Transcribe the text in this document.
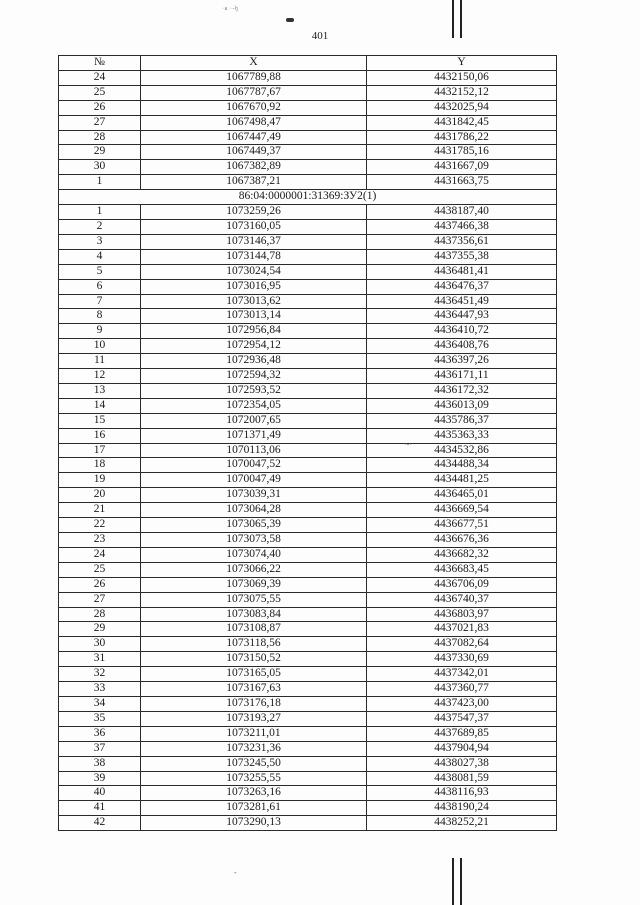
·ĸ ·-̃ŋ
401
№	X	Y
24	1067789,88	4432150,06
25	1067787,67	4432152,12
26	1067670,92	4432025,94
27	1067498,47	4431842,45
28	1067447,49	4431786,22
29	1067449,37	4431785,16
30	1067382,89	4431667,09
1	1067387,21	4431663,75
86:04:0000001:31369:ЗУ2(1)		
1	1073259,26	4438187,40
2	1073160,05	4437466,38
3	1073146,37	4437356,61
4	1073144,78	4437355,38
5	1073024,54	4436481,41
6	1073016,95	4436476,37
7	1073013,62	4436451,49
8	1073013,14	4436447,93
9	1072956,84	4436410,72
10	1072954,12	4436408,76
11	1072936,48	4436397,26
12	1072594,32	4436171,11
13	1072593,52	4436172,32
14	1072354,05	4436013,09
15	1072007,65	4435786,37
16	1071371,49	4435363,33
17	1070113,06	4434532,86
18	1070047,52	4434488,34
19	1070047,49	4434481,25
20	1073039,31	4436465,01
21	1073064,28	4436669,54
22	1073065,39	4436677,51
23	1073073,58	4436676,36
24	1073074,40	4436682,32
25	1073066,22	4436683,45
26	1073069,39	4436706,09
27	1073075,55	4436740,37
28	1073083,84	4436803,97
29	1073108,87	4437021,83
30	1073118,56	4437082,64
31	1073150,52	4437330,69
32	1073165,05	4437342,01
33	1073167,63	4437360,77
34	1073176,18	4437423,00
35	1073193,27	4437547,37
36	1073211,01	4437689,85
37	1073231,36	4437904,94
38	1073245,50	4438027,38
39	1073255,55	4438081,59
40	1073263,16	4438116,93
41	1073281,61	4438190,24
42	1073290,13	4438252,21
·-·
-
